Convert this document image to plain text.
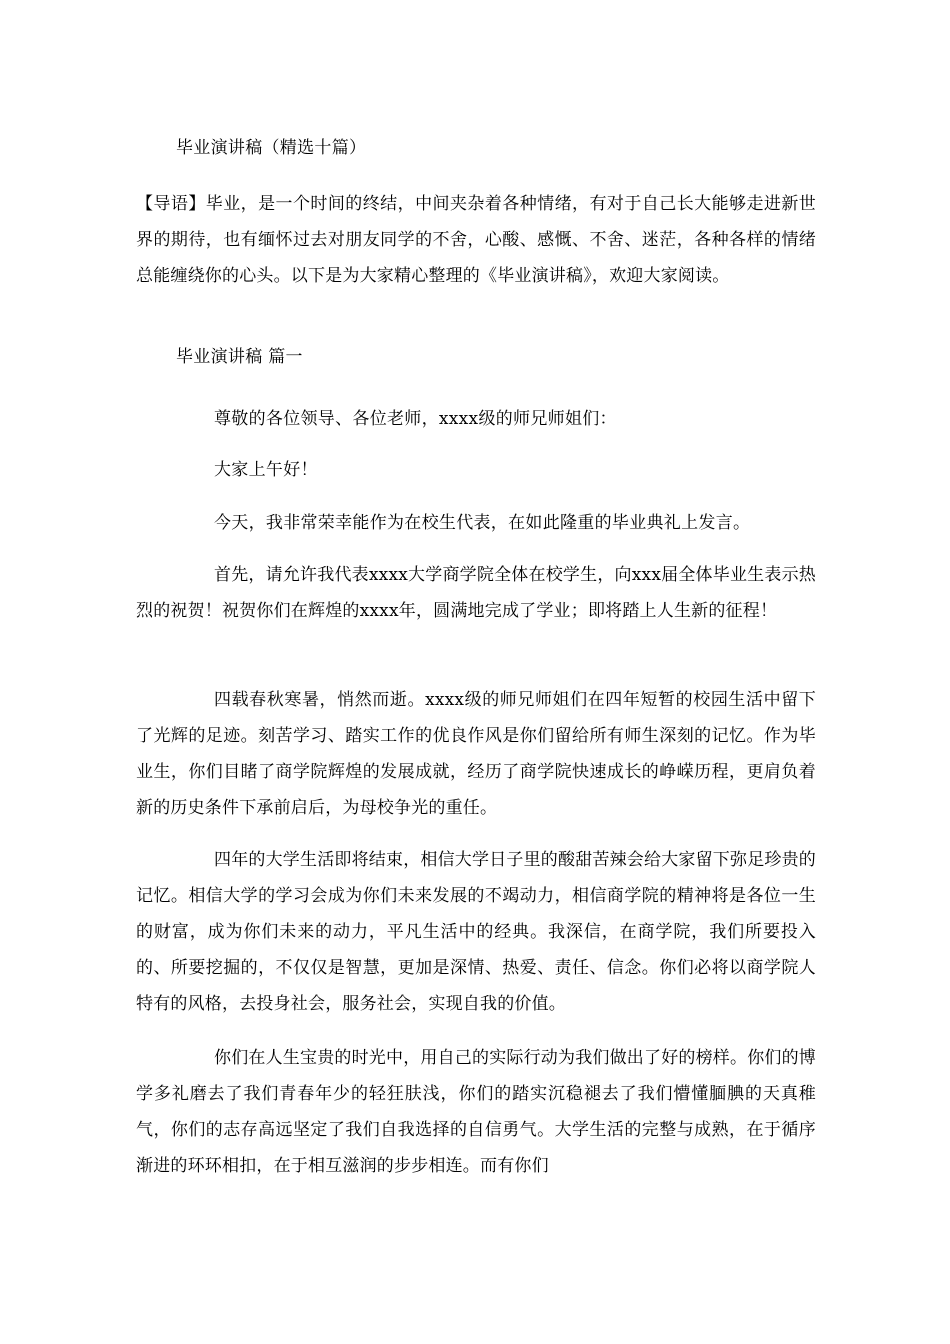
毕业演讲稿（精选十篇）
【导语】毕业，是一个时间的终结，中间夹杂着各种情绪，有对于自己长大能够走进新世界的期待，也有缅怀过去对朋友同学的不舍，心酸、感慨、不舍、迷茫，各种各样的情绪总能缠绕你的心头。以下是为大家精心整理的《毕业演讲稿》，欢迎大家阅读。
毕业演讲稿 篇一
尊敬的各位领导、各位老师，xxxx级的师兄师姐们：
大家上午好！
今天，我非常荣幸能作为在校生代表，在如此隆重的毕业典礼上发言。
首先，请允许我代表xxxx大学商学院全体在校学生，向xxx届全体毕业生表示热烈的祝贺！祝贺你们在辉煌的xxxx年，圆满地完成了学业；即将踏上人生新的征程！
四载春秋寒暑，悄然而逝。xxxx级的师兄师姐们在四年短暂的校园生活中留下了光辉的足迹。刻苦学习、踏实工作的优良作风是你们留给所有师生深刻的记忆。作为毕业生，你们目睹了商学院辉煌的发展成就，经历了商学院快速成长的峥嵘历程，更肩负着新的历史条件下承前启后，为母校争光的重任。
四年的大学生活即将结束，相信大学日子里的酸甜苦辣会给大家留下弥足珍贵的记忆。相信大学的学习会成为你们未来发展的不竭动力，相信商学院的精神将是各位一生的财富，成为你们未来的动力，平凡生活中的经典。我深信，在商学院，我们所要投入的、所要挖掘的，不仅仅是智慧，更加是深情、热爱、责任、信念。你们必将以商学院人特有的风格，去投身社会，服务社会，实现自我的价值。
你们在人生宝贵的时光中，用自己的实际行动为我们做出了好的榜样。你们的博学多礼磨去了我们青春年少的轻狂肤浅，你们的踏实沉稳褪去了我们懵懂腼腆的天真稚气，你们的志存高远坚定了我们自我选择的自信勇气。大学生活的完整与成熟，在于循序渐进的环环相扣，在于相互滋润的步步相连。而有你们
